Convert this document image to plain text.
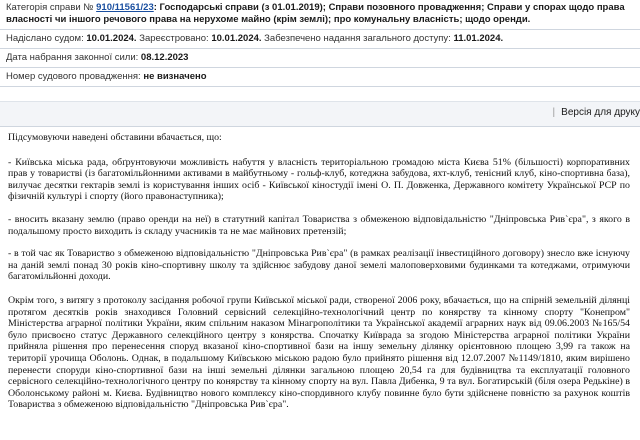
Категорія справи № 910/11561/23: Господарські справи (з 01.01.2019); Справи позовного провадження; Справи у спорах щодо права власності чи іншого речового права на нерухоме майно (крім землі); про комунальну власність; щодо оренди.
Надіслано судом: 10.01.2024. Зареєстровано: 10.01.2024. Забезпечено надання загального доступу: 11.01.2024.
Дата набрання законної сили: 08.12.2023
Номер судового провадження: не визначено
| Версія для друку

Підсумовуючи наведені обставини вбачається, що:

- Київська міська рада, обґрунтовуючи можливість набуття у власність територіальною громадою міста Києва 51% (більшості) корпоративних прав у товаристві (із багатомільйонними активами в майбутньому - гольф-клуб, котеджна забудова, яхт-клуб, тенісний клуб, кіно-спортивна база), вилучає десятки гектарів землі із користування інших осіб - Київської кіностудії імені О. П. Довженка, Державного комітету Української РСР по фізичній культурі і спорту (його правонаступника);

- вносить вказану землю (право оренди на неї) в статутний капітал Товариства з обмеженою відповідальністю "Дніпровська Рив`єра", з якого в подальшому просто виходить із складу учасників та не має майнових претензій;

- в той час як Товариство з обмеженою відповідальністю "Дніпровська Рив`єра" (в рамках реалізації інвестиційного договору) знесло вже існуючу на даній землі понад 30 років кіно-спортивну школу та здійснює забудову даної земелі малоповерховими будинками та котеджами, отримуючи багатомільйонні доходи.

Окрім того, з витягу з протоколу засідання робочої групи Київської міської ради, створеної 2006 року, вбачається, що на спірній земельній ділянці протягом десятків років знаходився Головний сервісний селекційно-технологічний центр по конярству та кінному спорту "Конепром" Міністерства аграрної політики України, яким спільним наказом Мінагрополітики та Української академії аграрних наук від 09.06.2003 №165/54 було присвоєно статус Державного селекційного центру з конярства. Спочатку Київрада за згодою Міністерства аграрної політики України прийняла рішення про перенесення споруд вказаної кіно-спортивної бази на іншу земельну ділянку орієнтовною площею 3,99 га також на території урочища Оболонь. Однак, в подальшому Київською міською радою було прийнято рішення від 12.07.2007 №1149/1810, яким вирішено перенести споруди кіно-спортивної бази на інші земельні ділянки загальною площею 20,54 га для будівництва та експлуатації головного сервісного селекційно-технологічного центру по конярству та кінному спорту на вул. Павла Дибенка, 9 та вул. Богатирській (біля озера Редькіне) в Оболонському районі м. Києва. Будівництво нового комплексу кіно-спордивного клубу повинне було бути здійснене повністю за рахунок коштів Товариства з обмеженою відповідальністю "Дніпровська Рив`єра".
